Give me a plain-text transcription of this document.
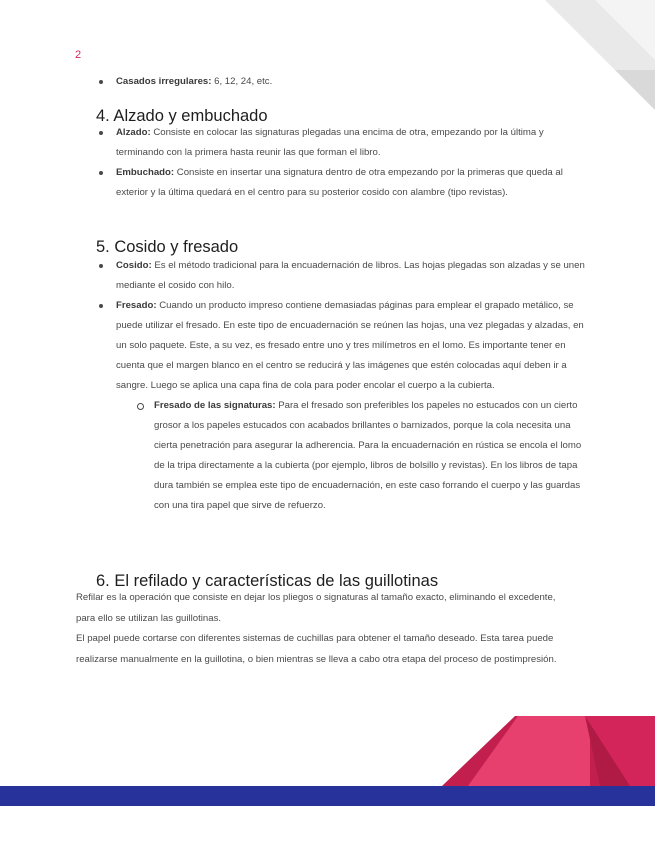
2
Casados irregulares: 6, 12, 24, etc.
4. Alzado y embuchado
Alzado: Consiste en colocar las signaturas plegadas una encima de otra, empezando por la última y terminando con la primera hasta reunir las que forman el libro.
Embuchado: Consiste en insertar una signatura dentro de otra empezando por la primeras que queda al exterior y la última quedará en el centro para su posterior cosido con alambre (tipo revistas).
5. Cosido y fresado
Cosido: Es el método tradicional para la encuadernación de libros. Las hojas plegadas son alzadas y se unen mediante el cosido con hilo.
Fresado: Cuando un producto impreso contiene demasiadas páginas para emplear el grapado metálico, se puede utilizar el fresado. En este tipo de encuadernación se reúnen las hojas, una vez plegadas y alzadas, en un solo paquete. Este, a su vez, es fresado entre uno y tres milímetros en el lomo. Es importante tener en cuenta que el margen blanco en el centro se reducirá y las imágenes que estén colocadas aquí deben ir a sangre. Luego se aplica una capa fina de cola para poder encolar el cuerpo a la cubierta.
Fresado de las signaturas: Para el fresado son preferibles los papeles no estucados con un cierto grosor a los papeles estucados con acabados brillantes o barnizados, porque la cola necesita una cierta penetración para asegurar la adherencia. Para la encuadernación en rústica se encola el lomo de la tripa directamente a la cubierta (por ejemplo, libros de bolsillo y revistas). En los libros de tapa dura también se emplea este tipo de encuadernación, en este caso forrando el cuerpo y las guardas con una tira papel que sirve de refuerzo.
6. El refilado y características de las guillotinas

Refilar es la operación que consiste en dejar los pliegos o signaturas al tamaño exacto, eliminando el excedente, para ello se utilizan las guillotinas.

El papel puede cortarse con diferentes sistemas de cuchillas para obtener el tamaño deseado. Esta tarea puede realizarse manualmente en la guillotina, o bien mientras se lleva a cabo otra etapa del proceso de postimpresión.
